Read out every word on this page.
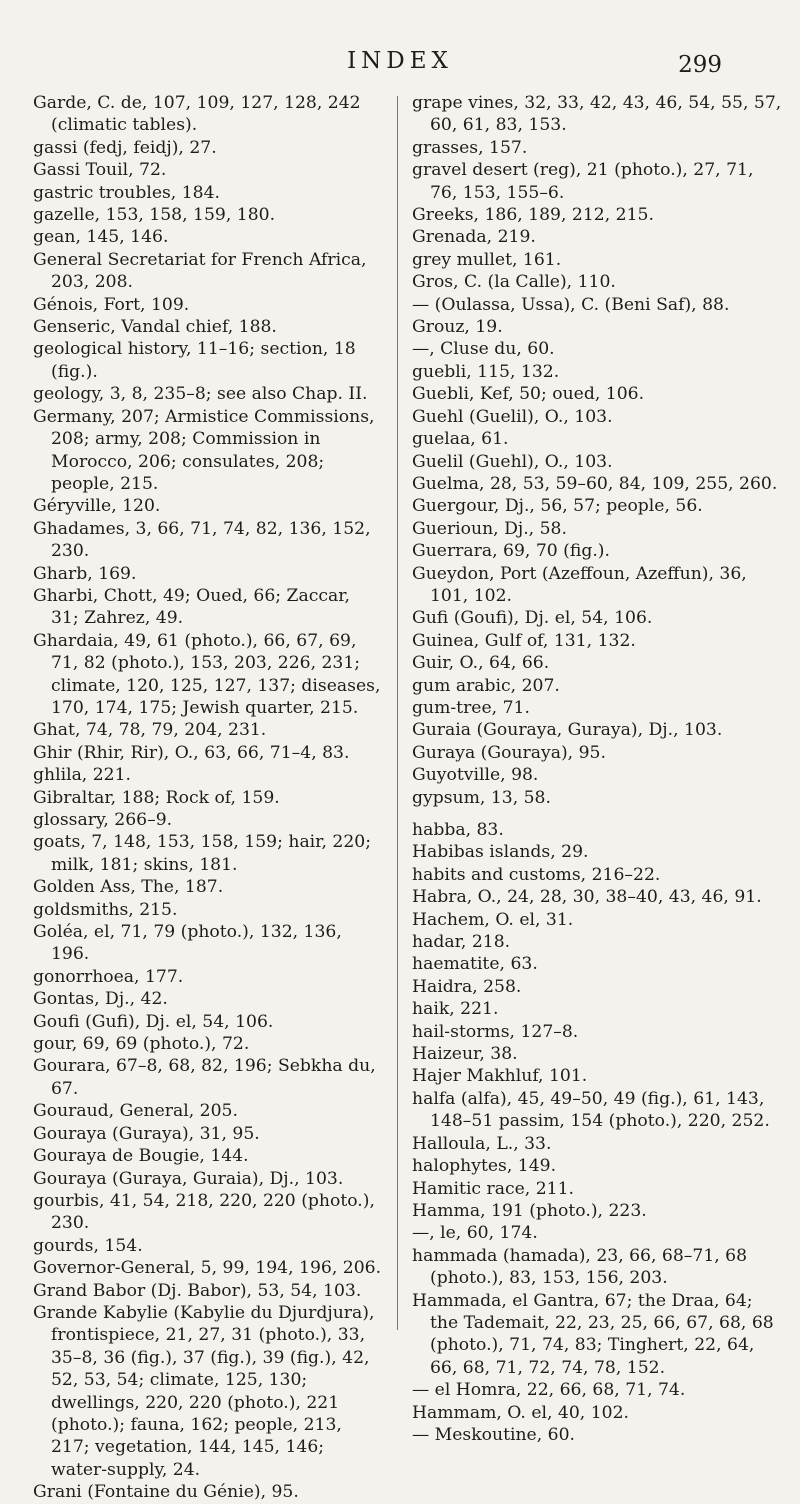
INDEX	299

Garde, C. de, 107, 109, 127, 128, 242 (climatic tables).

gassi (fedj, feidj), 27.

Gassi Touil, 72.

gastric troubles, 184.

gazelle, 153, 158, 159, 180.

gean, 145, 146.

General Secretariat for French Africa, 203, 208.

Génois, Fort, 109.

Genseric, Vandal chief, 188.

geological history, 11–16; section, 18 (fig.).

geology, 3, 8, 235–8; see also Chap. II.

Germany, 207; Armistice Commissions, 208; army, 208; Commission in Morocco, 206; consulates, 208; people, 215.

Géryville, 120.

Ghadames, 3, 66, 71, 74, 82, 136, 152, 230.

Gharb, 169.

Gharbi, Chott, 49; Oued, 66; Zaccar, 31; Zahrez, 49.

Ghardaia, 49, 61 (photo.), 66, 67, 69, 71, 82 (photo.), 153, 203, 226, 231; climate, 120, 125, 127, 137; diseases, 170, 174, 175; Jewish quarter, 215.

Ghat, 74, 78, 79, 204, 231.

Ghir (Rhir, Rir), O., 63, 66, 71–4, 83.

ghlila, 221.

Gibraltar, 188; Rock of, 159.

glossary, 266–9.

goats, 7, 148, 153, 158, 159; hair, 220; milk, 181; skins, 181.

Golden Ass, The, 187.

goldsmiths, 215.

Goléa, el, 71, 79 (photo.), 132, 136, 196.

gonorrhoea, 177.

Gontas, Dj., 42.

Goufi (Gufi), Dj. el, 54, 106.

gour, 69, 69 (photo.), 72.

Gourara, 67–8, 68, 82, 196; Sebkha du, 67.

Gouraud, General, 205.

Gouraya (Guraya), 31, 95.

Gouraya de Bougie, 144.

Gouraya (Guraya, Guraia), Dj., 103.

gourbis, 41, 54, 218, 220, 220 (photo.), 230.

gourds, 154.

Governor-General, 5, 99, 194, 196, 206.

Grand Babor (Dj. Babor), 53, 54, 103.

Grande Kabylie (Kabylie du Djurdjura), frontispiece, 21, 27, 31 (photo.), 33, 35–8, 36 (fig.), 37 (fig.), 39 (fig.), 42, 52, 53, 54; climate, 125, 130; dwellings, 220, 220 (photo.), 221 (photo.); fauna, 162; people, 213, 217; vegetation, 144, 145, 146; water-supply, 24.

Grani (Fontaine du Génie), 95.

grape vines, 32, 33, 42, 43, 46, 54, 55, 57, 60, 61, 83, 153.

grasses, 157.

gravel desert (reg), 21 (photo.), 27, 71, 76, 153, 155–6.

Greeks, 186, 189, 212, 215.

Grenada, 219.

grey mullet, 161.

Gros, C. (la Calle), 110.

— (Oulassa, Ussa), C. (Beni Saf), 88.

Grouz, 19.

—, Cluse du, 60.

guebli, 115, 132.

Guebli, Kef, 50; oued, 106.

Guehl (Guelil), O., 103.

guelaa, 61.

Guelil (Guehl), O., 103.

Guelma, 28, 53, 59–60, 84, 109, 255, 260.

Guergour, Dj., 56, 57; people, 56.

Guerioun, Dj., 58.

Guerrara, 69, 70 (fig.).

Gueydon, Port (Azeffoun, Azeffun), 36, 101, 102.

Gufi (Goufi), Dj. el, 54, 106.

Guinea, Gulf of, 131, 132.

Guir, O., 64, 66.

gum arabic, 207.

gum-tree, 71.

Guraia (Gouraya, Guraya), Dj., 103.

Guraya (Gouraya), 95.

Guyotville, 98.

gypsum, 13, 58.

habba, 83.

Habibas islands, 29.

habits and customs, 216–22.

Habra, O., 24, 28, 30, 38–40, 43, 46, 91.

Hachem, O. el, 31.

hadar, 218.

haematite, 63.

Haidra, 258.

haik, 221.

hail-storms, 127–8.

Haizeur, 38.

Hajer Makhluf, 101.

halfa (alfa), 45, 49–50, 49 (fig.), 61, 143, 148–51 passim, 154 (photo.), 220, 252.

Halloula, L., 33.

halophytes, 149.

Hamitic race, 211.

Hamma, 191 (photo.), 223.

—, le, 60, 174.

hammada (hamada), 23, 66, 68–71, 68 (photo.), 83, 153, 156, 203.

Hammada, el Gantra, 67; the Draa, 64; the Tademait, 22, 23, 25, 66, 67, 68, 68 (photo.), 71, 74, 83; Tinghert, 22, 64, 66, 68, 71, 72, 74, 78, 152.

— el Homra, 22, 66, 68, 71, 74.

Hammam, O. el, 40, 102.

— Meskoutine, 60.
